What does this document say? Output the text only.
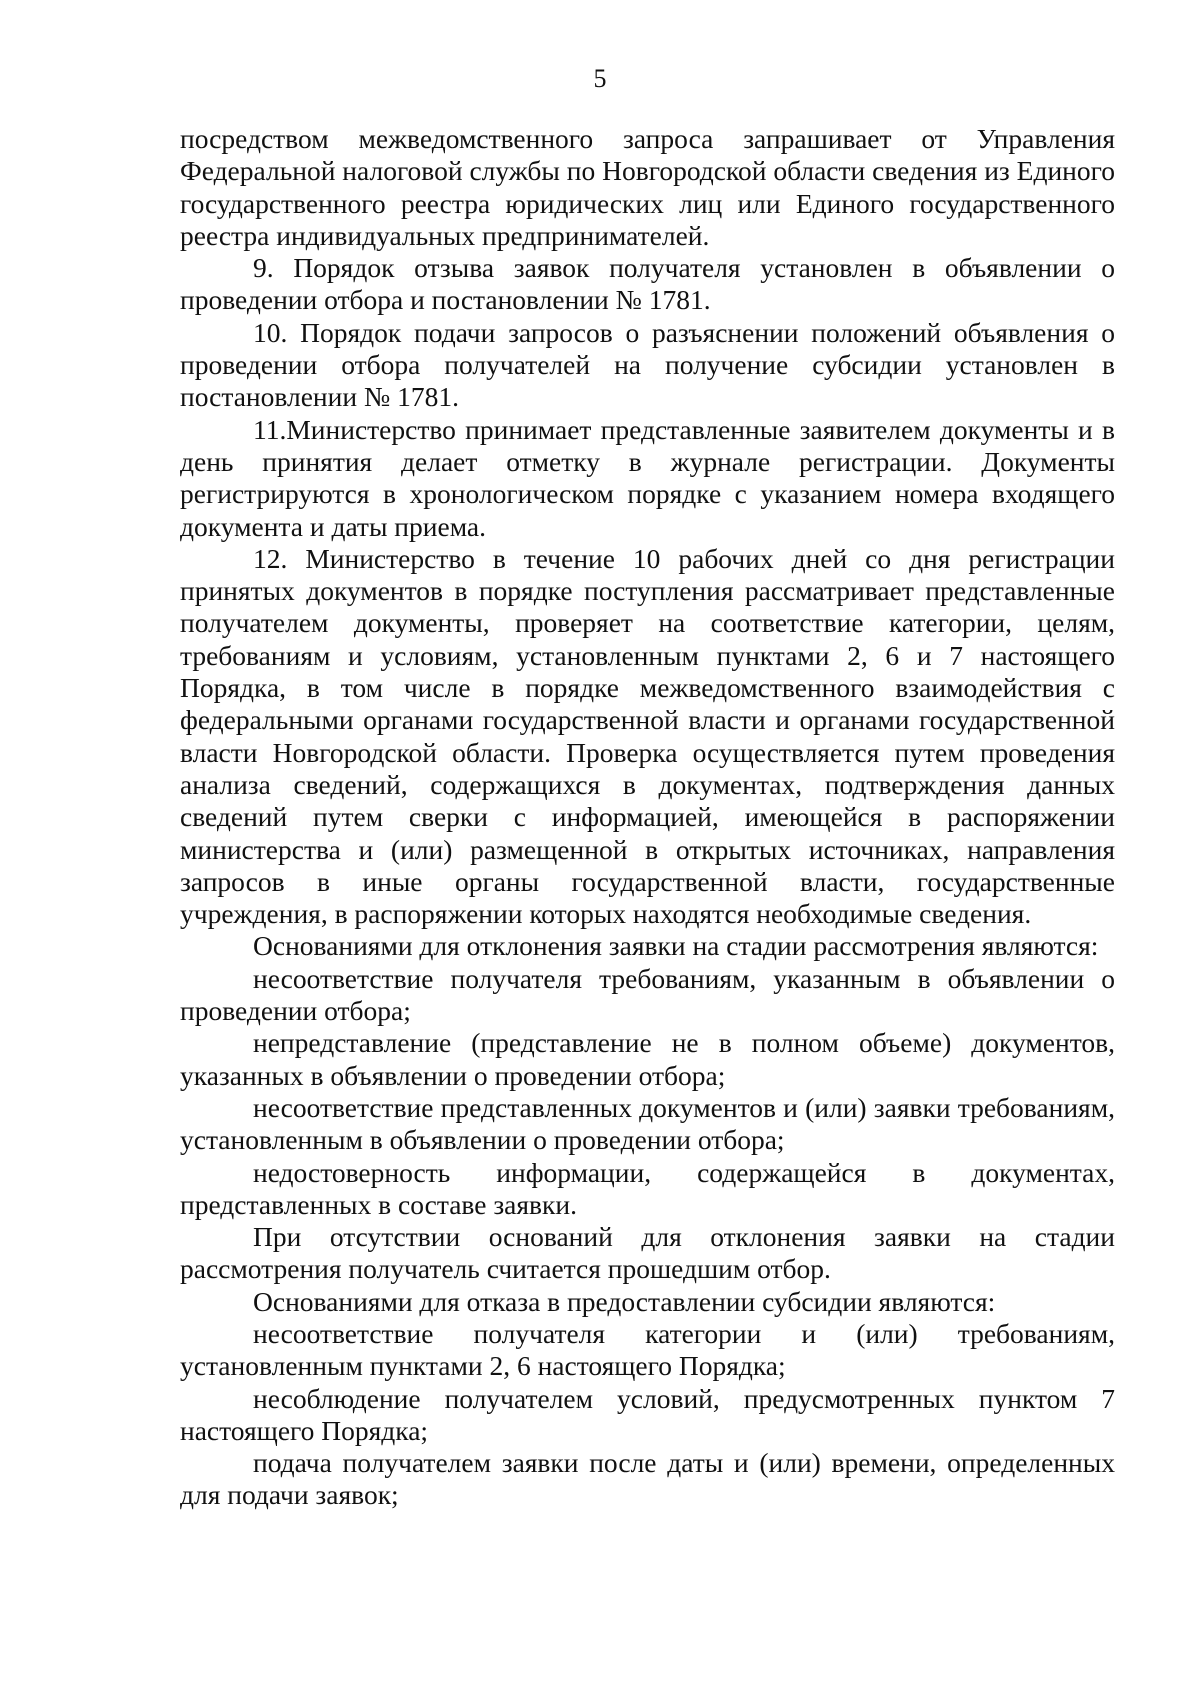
5

посредством межведомственного запроса запрашивает от Управления Федеральной налоговой службы по Новгородской области сведения из Единого государственного реестра юридических лиц или Единого государственного реестра индивидуальных предпринимателей.

9. Порядок отзыва заявок получателя установлен в объявлении о проведении отбора и постановлении № 1781.

10. Порядок подачи запросов о разъяснении положений объявления о проведении отбора получателей на получение субсидии установлен в постановлении № 1781.

11.Министерство принимает представленные заявителем документы и в день принятия делает отметку в журнале регистрации. Документы регистрируются в хронологическом порядке с указанием номера входящего документа и даты приема.

12. Министерство в течение 10 рабочих дней со дня регистрации принятых документов в порядке поступления рассматривает представленные получателем документы, проверяет на соответствие категории, целям, требованиям и условиям, установленным пунктами 2, 6 и 7 настоящего Порядка, в том числе в порядке межведомственного взаимодействия с федеральными органами государственной власти и органами государственной власти Новгородской области. Проверка осуществляется путем проведения анализа сведений, содержащихся в документах, подтверждения данных сведений путем сверки с информацией, имеющейся в распоряжении министерства и (или) размещенной в открытых источниках, направления запросов в иные органы государственной власти, государственные учреждения, в распоряжении которых находятся необходимые сведения.

Основаниями для отклонения заявки на стадии рассмотрения являются:

несоответствие получателя требованиям, указанным в объявлении о проведении отбора;

непредставление (представление не в полном объеме) документов, указанных в объявлении о проведении отбора;

несоответствие представленных документов и (или) заявки требованиям, установленным в объявлении о проведении отбора;

недостоверность информации, содержащейся в документах, представленных в составе заявки.

При отсутствии оснований для отклонения заявки на стадии рассмотрения получатель считается прошедшим отбор.

Основаниями для отказа в предоставлении субсидии являются:

несоответствие получателя категории и (или) требованиям, установленным пунктами 2, 6 настоящего Порядка;

несоблюдение получателем условий, предусмотренных пунктом 7 настоящего Порядка;

подача получателем заявки после даты и (или) времени, определенных для подачи заявок;
